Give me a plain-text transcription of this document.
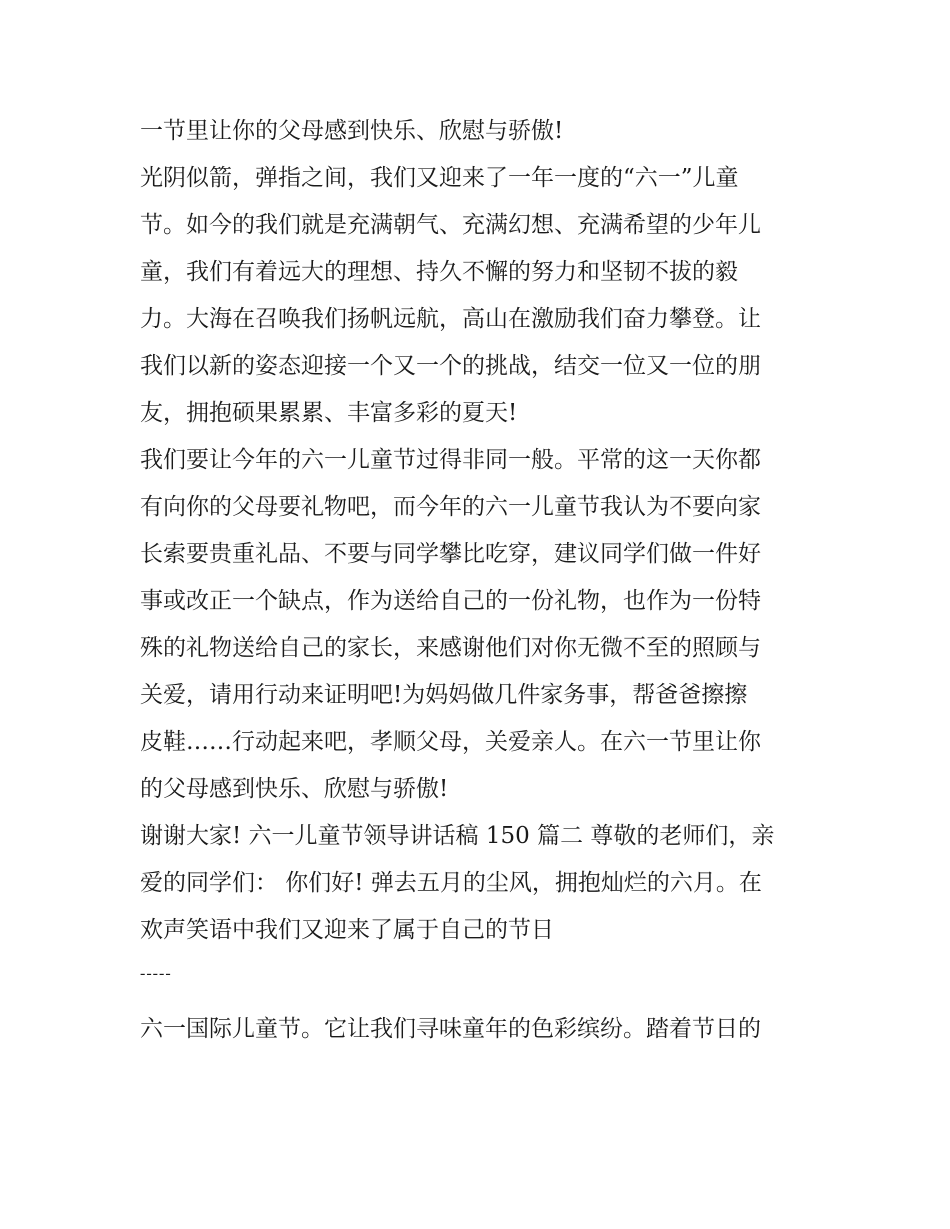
一节里让你的父母感到快乐、欣慰与骄傲!
光阴似箭，弹指之间，我们又迎来了一年一度的“六一”儿童
节。如今的我们就是充满朝气、充满幻想、充满希望的少年儿
童，我们有着远大的理想、持久不懈的努力和坚韧不拔的毅
力。大海在召唤我们扬帆远航，高山在激励我们奋力攀登。让
我们以新的姿态迎接一个又一个的挑战，结交一位又一位的朋
友，拥抱硕果累累、丰富多彩的夏天!
我们要让今年的六一儿童节过得非同一般。平常的这一天你都
有向你的父母要礼物吧，而今年的六一儿童节我认为不要向家
长索要贵重礼品、不要与同学攀比吃穿，建议同学们做一件好
事或改正一个缺点，作为送给自己的一份礼物，也作为一份特
殊的礼物送给自己的家长，来感谢他们对你无微不至的照顾与
关爱，请用行动来证明吧!为妈妈做几件家务事，帮爸爸擦擦
皮鞋……行动起来吧，孝顺父母，关爱亲人。在六一节里让你
的父母感到快乐、欣慰与骄傲!
谢谢大家! 六一儿童节领导讲话稿 150 篇二 尊敬的老师们，亲
爱的同学们： 你们好! 弹去五月的尘风，拥抱灿烂的六月。在
欢声笑语中我们又迎来了属于自己的节日
-----
六一国际儿童节。它让我们寻味童年的色彩缤纷。踏着节日的
